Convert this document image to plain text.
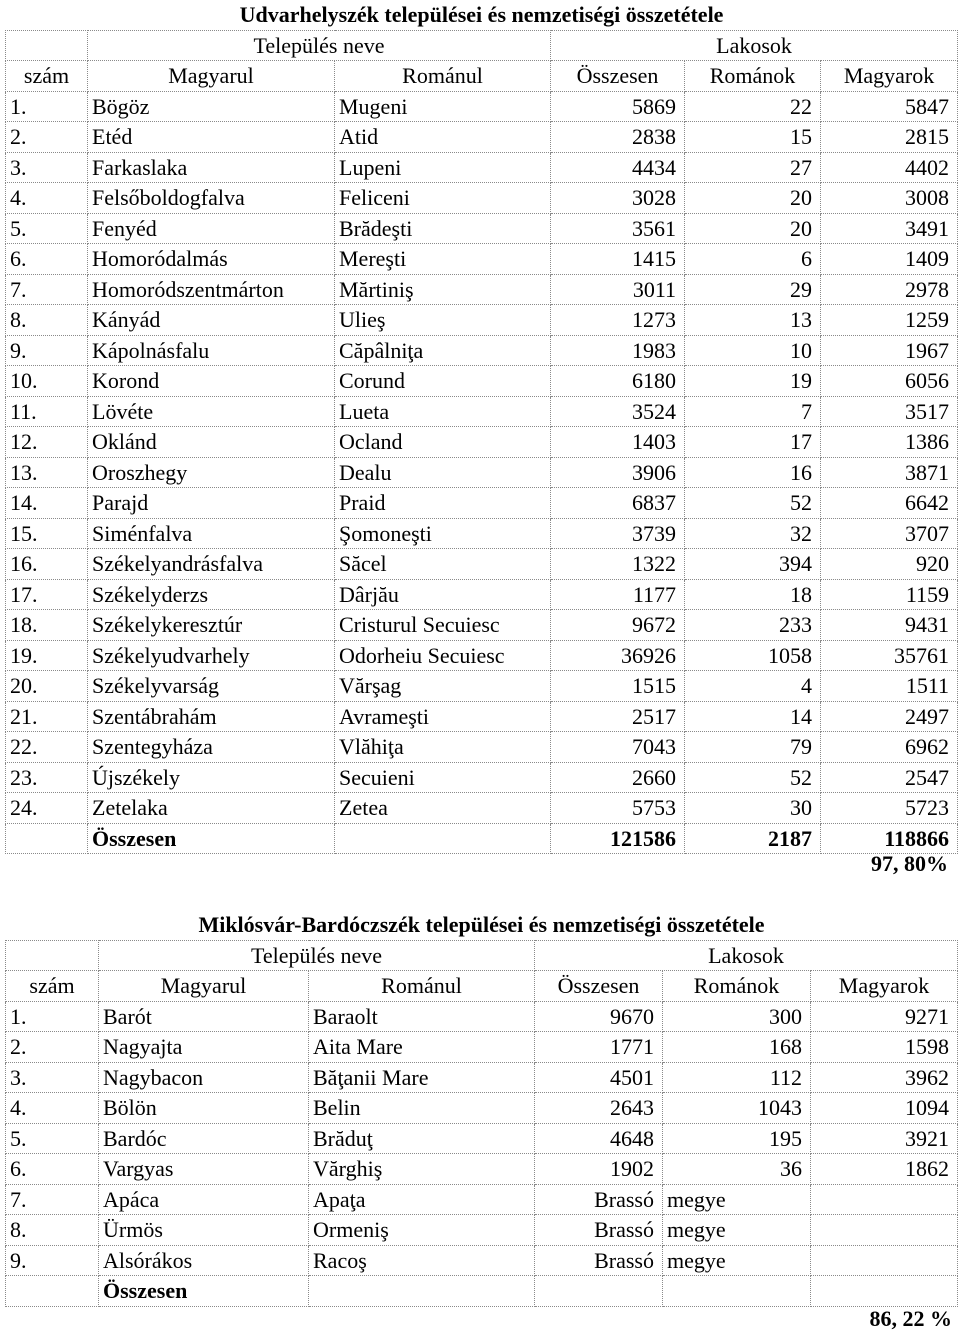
Udvarhelyszék települései és nemzetiségi összetétele					
	Település neve		Lakosok		
szám	Magyarul	Románul	Összesen	Románok	Magyarok
1.	Bögöz	Mugeni	5869	22	5847
2.	Etéd	Atid	2838	15	2815
3.	Farkaslaka	Lupeni	4434	27	4402
4.	Felsőboldogfalva	Feliceni	3028	20	3008
5.	Fenyéd	Brădeşti	3561	20	3491
6.	Homoródalmás	Mereşti	1415	6	1409
7.	Homoródszentmárton	Mărtiniş	3011	29	2978
8.	Kányád	Ulieş	1273	13	1259
9.	Kápolnásfalu	Căpâlniţa	1983	10	1967
10.	Korond	Corund	6180	19	6056
11.	Lövéte	Lueta	3524	7	3517
12.	Oklánd	Ocland	1403	17	1386
13.	Oroszhegy	Dealu	3906	16	3871
14.	Parajd	Praid	6837	52	6642
15.	Siménfalva	Şomoneşti	3739	32	3707
16.	Székelyandrásfalva	Săcel	1322	394	920
17.	Székelyderzs	Dârjău	1177	18	1159
18.	Székelykeresztúr	Cristurul Secuiesc	9672	233	9431
19.	Székelyudvarhely	Odorheiu Secuiesc	36926	1058	35761
20.	Székelyvarság	Vărşag	1515	4	1511
21.	Szentábrahám	Avrameşti	2517	14	2497
22.	Szentegyháza	Vlăhiţa	7043	79	6962
23.	Újszékely	Secuieni	2660	52	2547
24.	Zetelaka	Zetea	5753	30	5723
	Összesen		121586	2187	118866
Miklósvár-Bardóczszék települései és nemzetiségi összetétele					
	Település neve		Lakosok		
szám	Magyarul	Románul	Összesen	Románok	Magyarok
1.	Barót	Baraolt	9670	300	9271
2.	Nagyajta	Aita Mare	1771	168	1598
3.	Nagybacon	Băţanii Mare	4501	112	3962
4.	Bölön	Belin	2643	1043	1094
5.	Bardóc	Brăduţ	4648	195	3921
6.	Vargyas	Vărghiş	1902	36	1862
7.	Apáca	Apaţa	Brassó	megye	
8.	Ürmös	Ormeniş	Brassó	megye	
9.	Alsórákos	Racoş	Brassó	megye	
	Összesen				
97, 80%
86, 22 %
